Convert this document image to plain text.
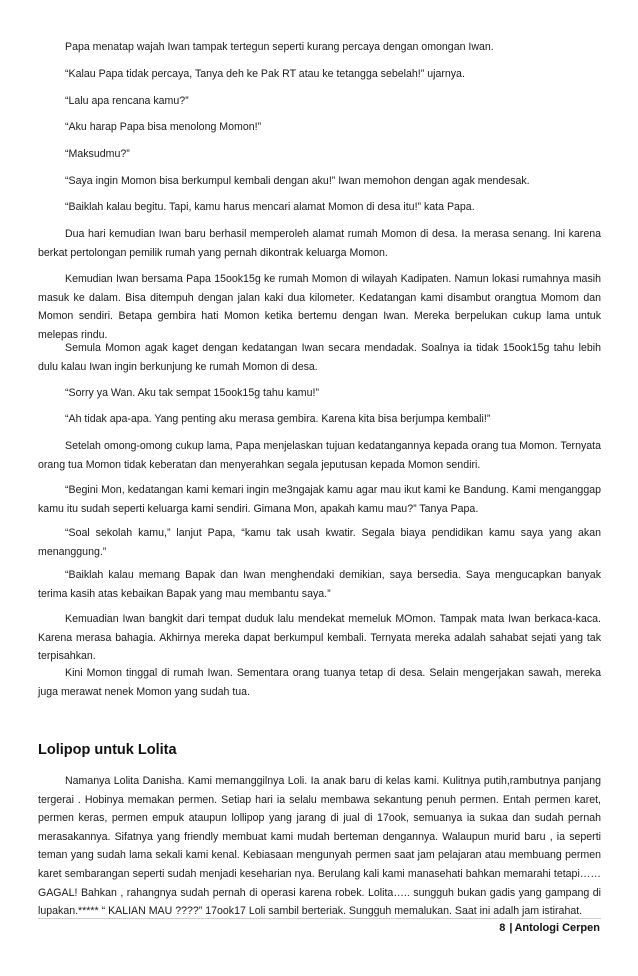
Papa menatap wajah Iwan tampak tertegun seperti kurang percaya dengan omongan Iwan.

“Kalau Papa tidak percaya, Tanya deh ke Pak RT atau ke tetangga sebelah!” ujarnya.

“Lalu apa rencana kamu?”

“Aku harap Papa bisa menolong Momon!”

“Maksudmu?”

“Saya ingin Momon bisa berkumpul kembali dengan aku!” Iwan memohon dengan agak mendesak.

“Baiklah kalau begitu. Tapi, kamu harus mencari alamat Momon di desa itu!” kata Papa.

Dua hari kemudian Iwan baru berhasil memperoleh alamat rumah Momon di desa. Ia merasa senang. Ini karena berkat pertolongan pemilik rumah yang pernah dikontrak keluarga Momon.

Kemudian Iwan bersama Papa 15ook15g ke rumah Momon di wilayah Kadipaten. Namun lokasi rumahnya masih masuk ke dalam. Bisa ditempuh dengan jalan kaki dua kilometer. Kedatangan kami disambut orangtua Momom dan Momon sendiri. Betapa gembira hati Momon ketika bertemu dengan Iwan. Mereka berpelukan cukup lama untuk melepas rindu.

Semula Momon agak kaget dengan kedatangan Iwan secara mendadak. Soalnya ia tidak 15ook15g tahu lebih dulu kalau Iwan ingin berkunjung ke rumah Momon di desa.

“Sorry ya Wan. Aku tak sempat 15ook15g tahu kamu!”

“Ah tidak apa-apa. Yang penting aku merasa gembira. Karena kita bisa berjumpa kembali!”

Setelah omong-omong cukup lama, Papa menjelaskan tujuan kedatangannya kepada orang tua Momon. Ternyata orang tua Momon tidak keberatan dan menyerahkan segala jeputusan kepada Momon sendiri.

“Begini Mon, kedatangan kami kemari ingin me3ngajak kamu agar mau ikut kami ke Bandung. Kami menganggap kamu itu sudah seperti keluarga kami sendiri. Gimana Mon, apakah kamu mau?” Tanya Papa.

“Soal sekolah kamu,” lanjut Papa, “kamu tak usah kwatir. Segala biaya pendidikan kamu saya yang akan menanggung.”

“Baiklah kalau memang Bapak dan Iwan menghendaki demikian, saya bersedia. Saya mengucapkan banyak terima kasih atas kebaikan Bapak yang mau membantu saya.”

Kemuadian Iwan bangkit dari tempat duduk lalu mendekat memeluk MOmon. Tampak mata Iwan berkaca-kaca. Karena merasa bahagia. Akhirnya mereka dapat berkumpul kembali. Ternyata mereka adalah sahabat sejati yang tak terpisahkan.

Kini Momon tinggal di rumah Iwan. Sementara orang tuanya tetap di desa. Selain mengerjakan sawah, mereka juga merawat nenek Momon yang sudah tua.

Lolipop untuk Lolita

Namanya Lolita Danisha. Kami memanggilnya Loli. Ia anak baru di kelas kami. Kulitnya putih,rambutnya panjang tergerai . Hobinya memakan permen. Setiap hari ia selalu membawa sekantung penuh permen. Entah permen karet, permen keras, permen empuk ataupun lollipop yang jarang di jual di 17ook, semuanya ia sukaa dan sudah pernah merasakannya. Sifatnya yang friendly membuat kami mudah berteman dengannya. Walaupun murid baru , ia seperti teman yang sudah lama sekali kami kenal. Kebiasaan mengunyah permen saat jam pelajaran atau membuang permen karet sembarangan seperti sudah menjadi keseharian nya. Berulang kali kami manasehati bahkan memarahi tetapi…… GAGAL! Bahkan , rahangnya sudah pernah di operasi karena robek. Lolita….. sungguh bukan gadis yang gampang di lupakan.***** “ KALIAN MAU ????” 17ook17 Loli sambil berteriak. Sungguh memalukan. Saat ini adalh jam istirahat.

8 | Antologi Cerpen
